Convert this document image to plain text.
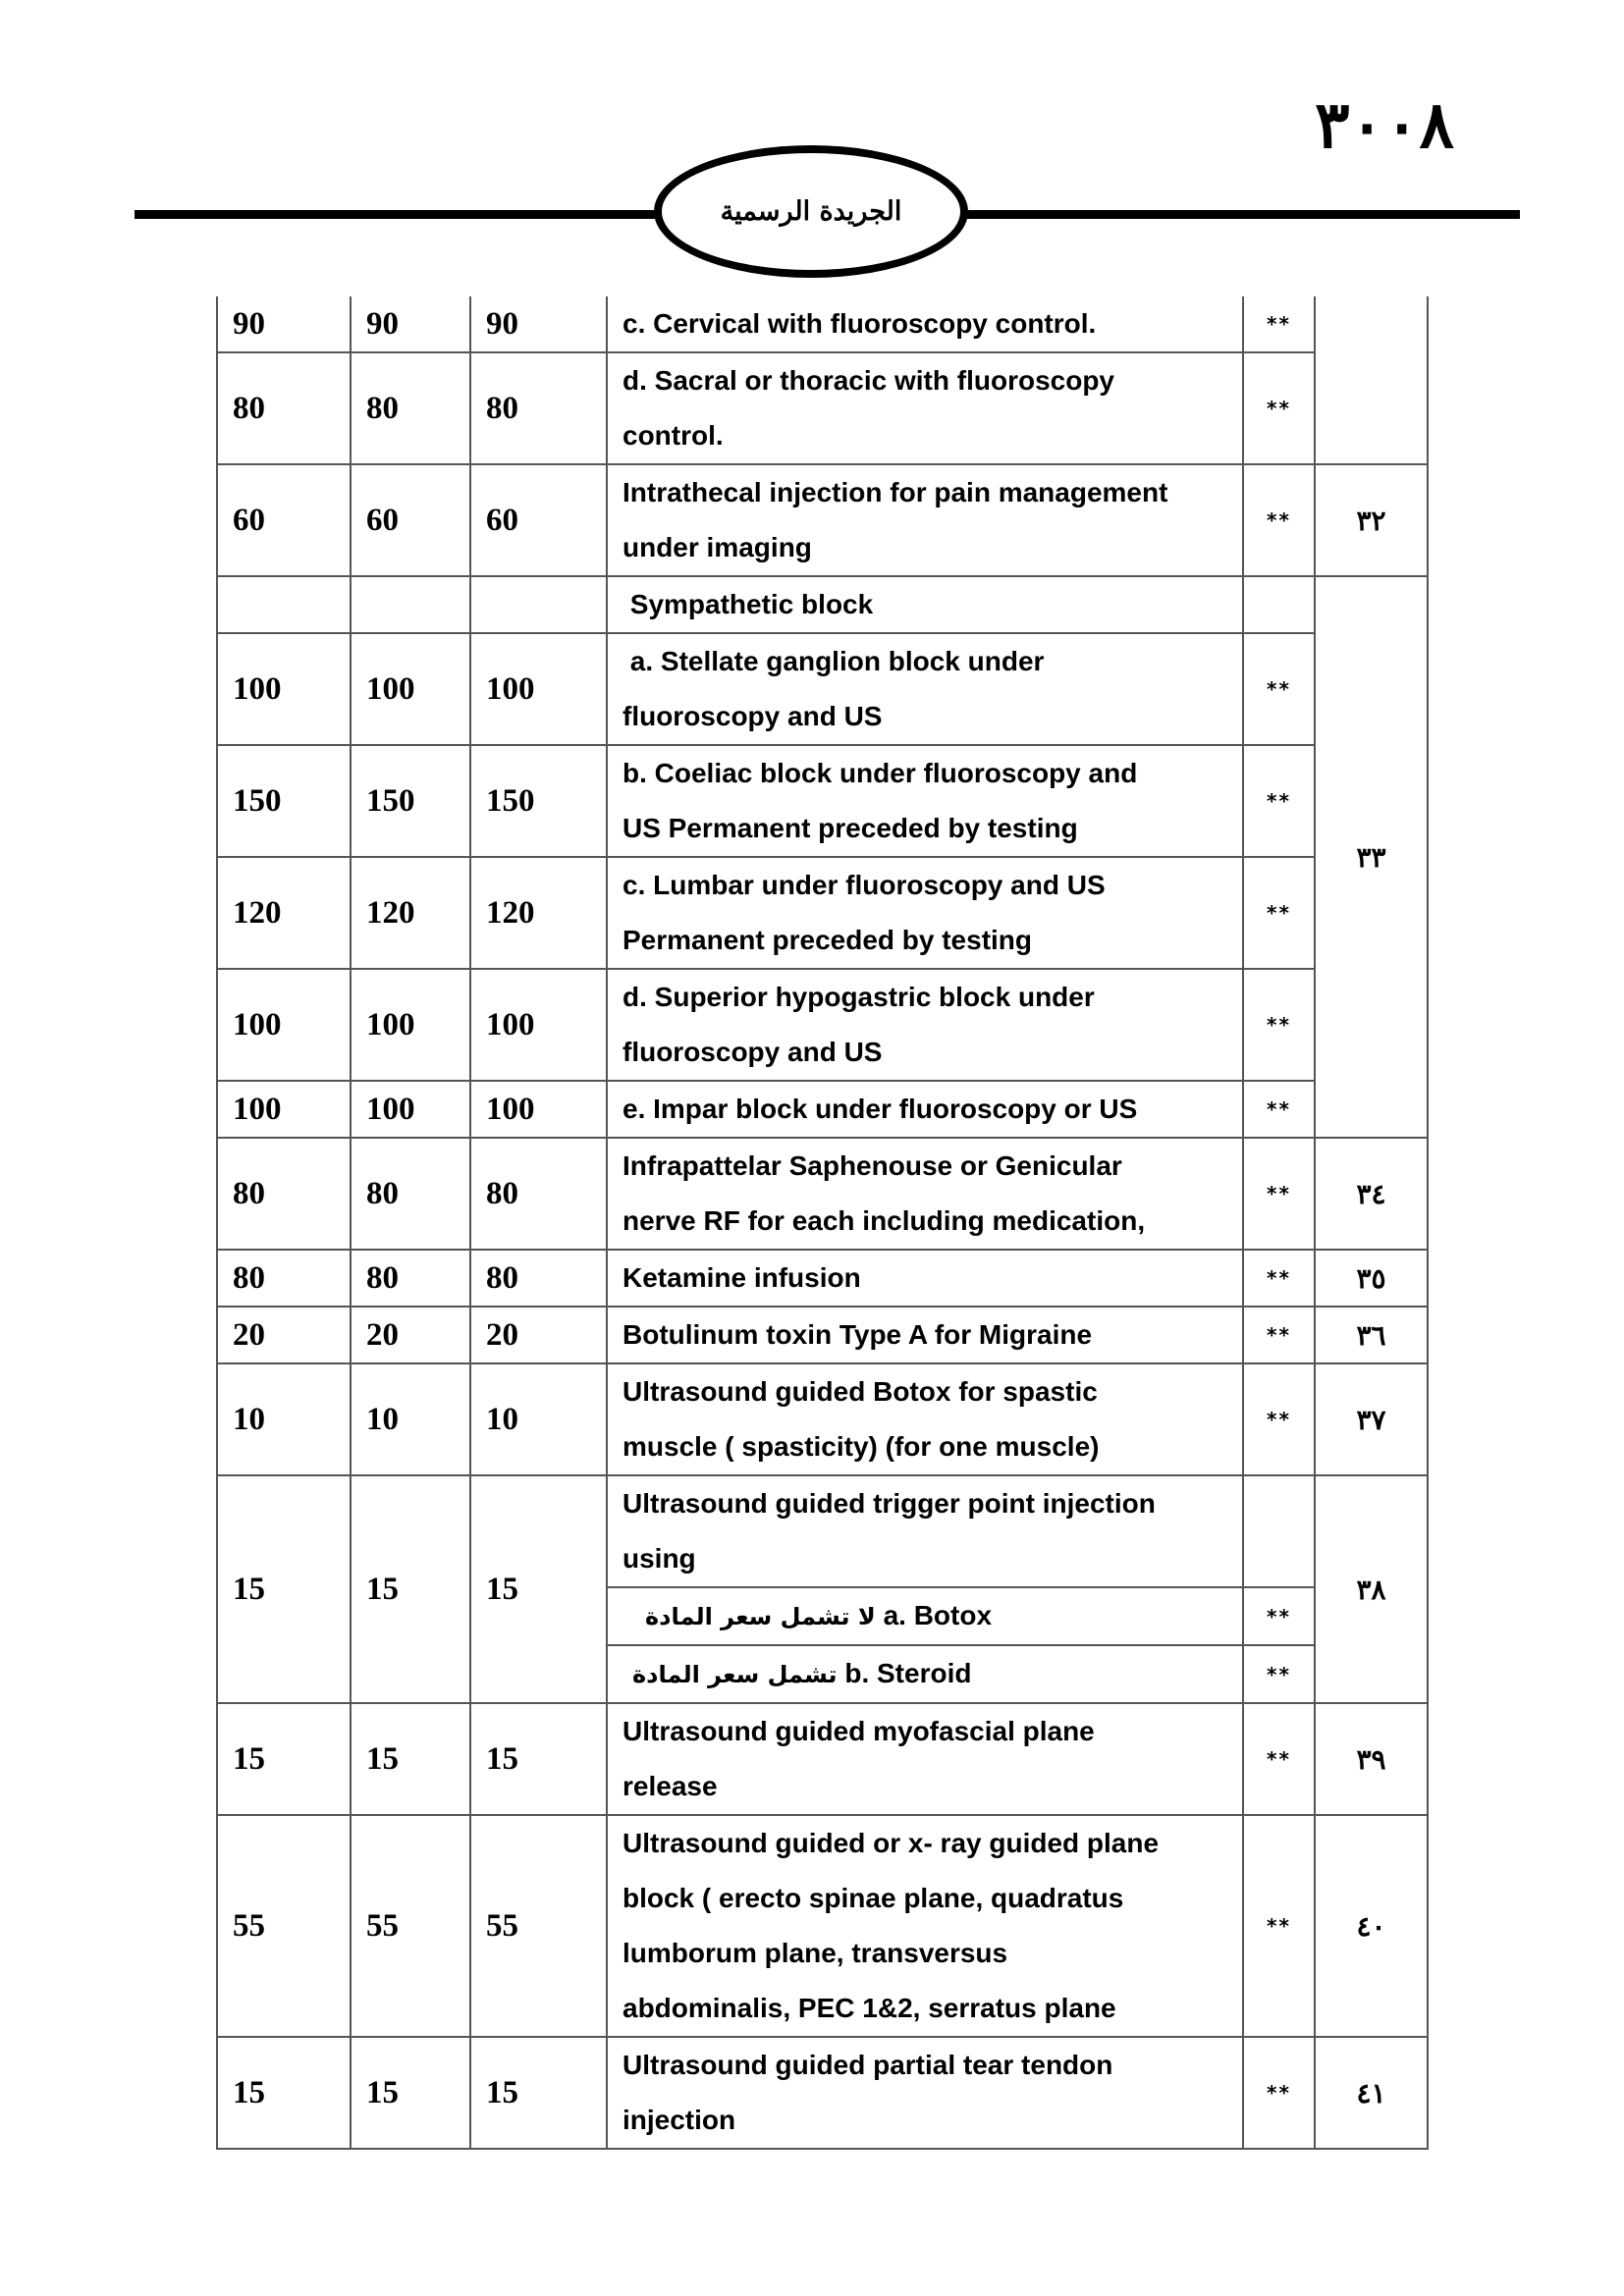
٣٠٠٨
الجريدة الرسمية
90	90	90	c. Cervical with fluoroscopy control.	**	
80	80	80	d. Sacral or thoracic with fluoroscopy
control.	**	
60	60	60	Intrathecal injection for pain management
under imaging	**	٣٢

			Sympathetic block		٣٣
100	100	100	a. Stellate ganglion block under
fluoroscopy and US	**	
150	150	150	b. Coeliac block under fluoroscopy and
US Permanent preceded by testing	**	
120	120	120	c. Lumbar under fluoroscopy and US
Permanent preceded by testing	**	
100	100	100	d. Superior hypogastric block under
fluoroscopy and US	**	
100	100	100	e. Impar block under fluoroscopy or US	**	
80	80	80	Infrapattelar Saphenouse or Genicular
nerve RF for each including medication,	**	٣٤
80	80	80	Ketamine infusion	**	٣٥
20	20	20	Botulinum toxin Type A for Migraine	**	٣٦
10	10	10	Ultrasound guided Botox for spastic
muscle ( spasticity) (for one muscle)	**	٣٧
15	15	15	Ultrasound guided trigger point injection
using		٣٨

			لا تشمل سعر المادة a. Botox	**	

			تشمل سعر المادة b. Steroid	**	
15	15	15	Ultrasound guided myofascial plane
release	**	٣٩
55	55	55	Ultrasound guided or x- ray guided plane
block ( erecto spinae plane, quadratus
lumborum plane, transversus
abdominalis, PEC 1&2, serratus plane	**	٤٠
15	15	15	Ultrasound guided partial tear tendon
injection	**	٤١
